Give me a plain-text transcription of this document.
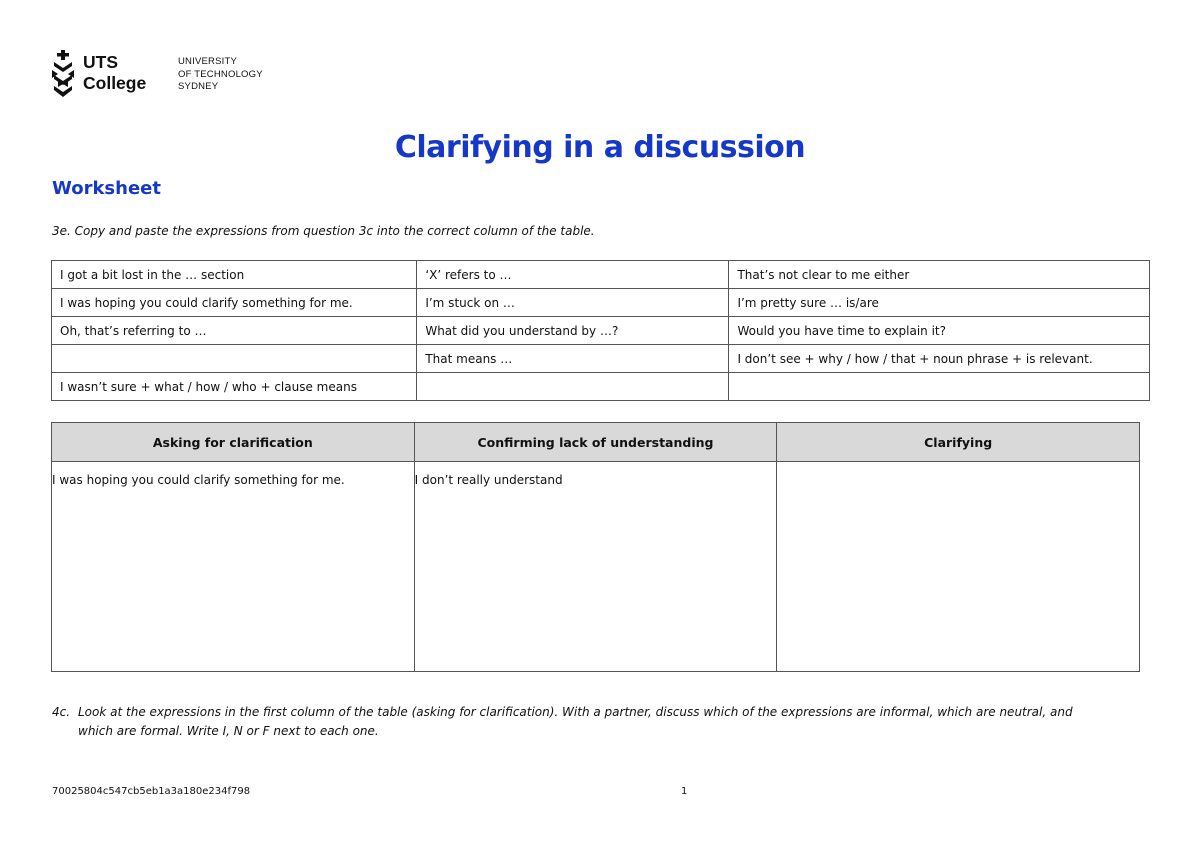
UTS
College
UNIVERSITY
OF TECHNOLOGY
SYDNEY
Clarifying in a discussion
Worksheet
3e. Copy and paste the expressions from question 3c into the correct column of the table.
I got a bit lost in the … section	‘X’ refers to …	That’s not clear to me either
I was hoping you could clarify something for me.	I’m stuck on …	I’m pretty sure … is/are
Oh, that’s referring to …	What did you understand by …?	Would you have time to explain it?
	That means …	I don’t see + why / how / that + noun phrase + is relevant.
I wasn’t sure + what / how / who + clause means		
Asking for clarification	Confirming lack of understanding	Clarifying
I was hoping you could clarify something for me.	I don’t really understand	
4c. Look at the expressions in the first column of the table (asking for clarification). With a partner, discuss which of the expressions are informal, which are neutral, and
which are formal. Write I, N or F next to each one.
70025804c547cb5eb1a3a180e234f798	1
